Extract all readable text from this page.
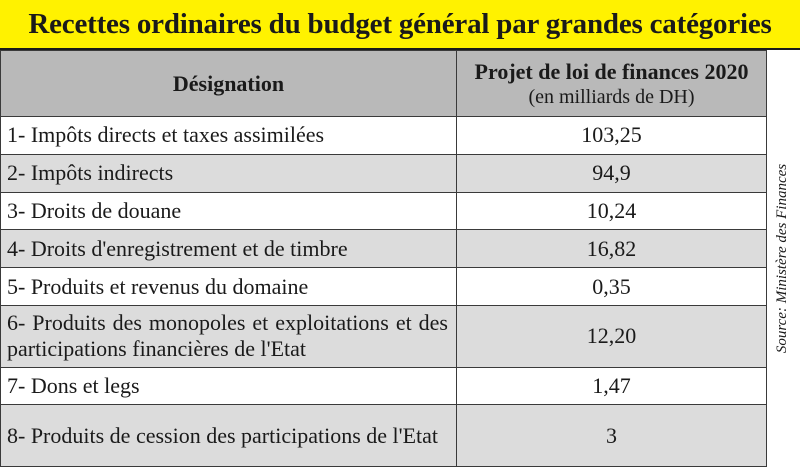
Recettes ordinaires du budget général par grandes catégories
Désignation	Projet de loi de finances 2020
(en milliards de DH)

1- Impôts directs et taxes assimilées	103,25
2- Impôts indirects	94,9
3- Droits de douane	10,24
4- Droits d'enregistrement et de timbre	16,82
5- Produits et revenus du domaine	0,35
6- Produits des monopoles et exploitations et des participations financières de l'Etat	12,20
7- Dons et legs	1,47
8- Produits de cession des participations de l'Etat	3
Source: Ministère des Finances
